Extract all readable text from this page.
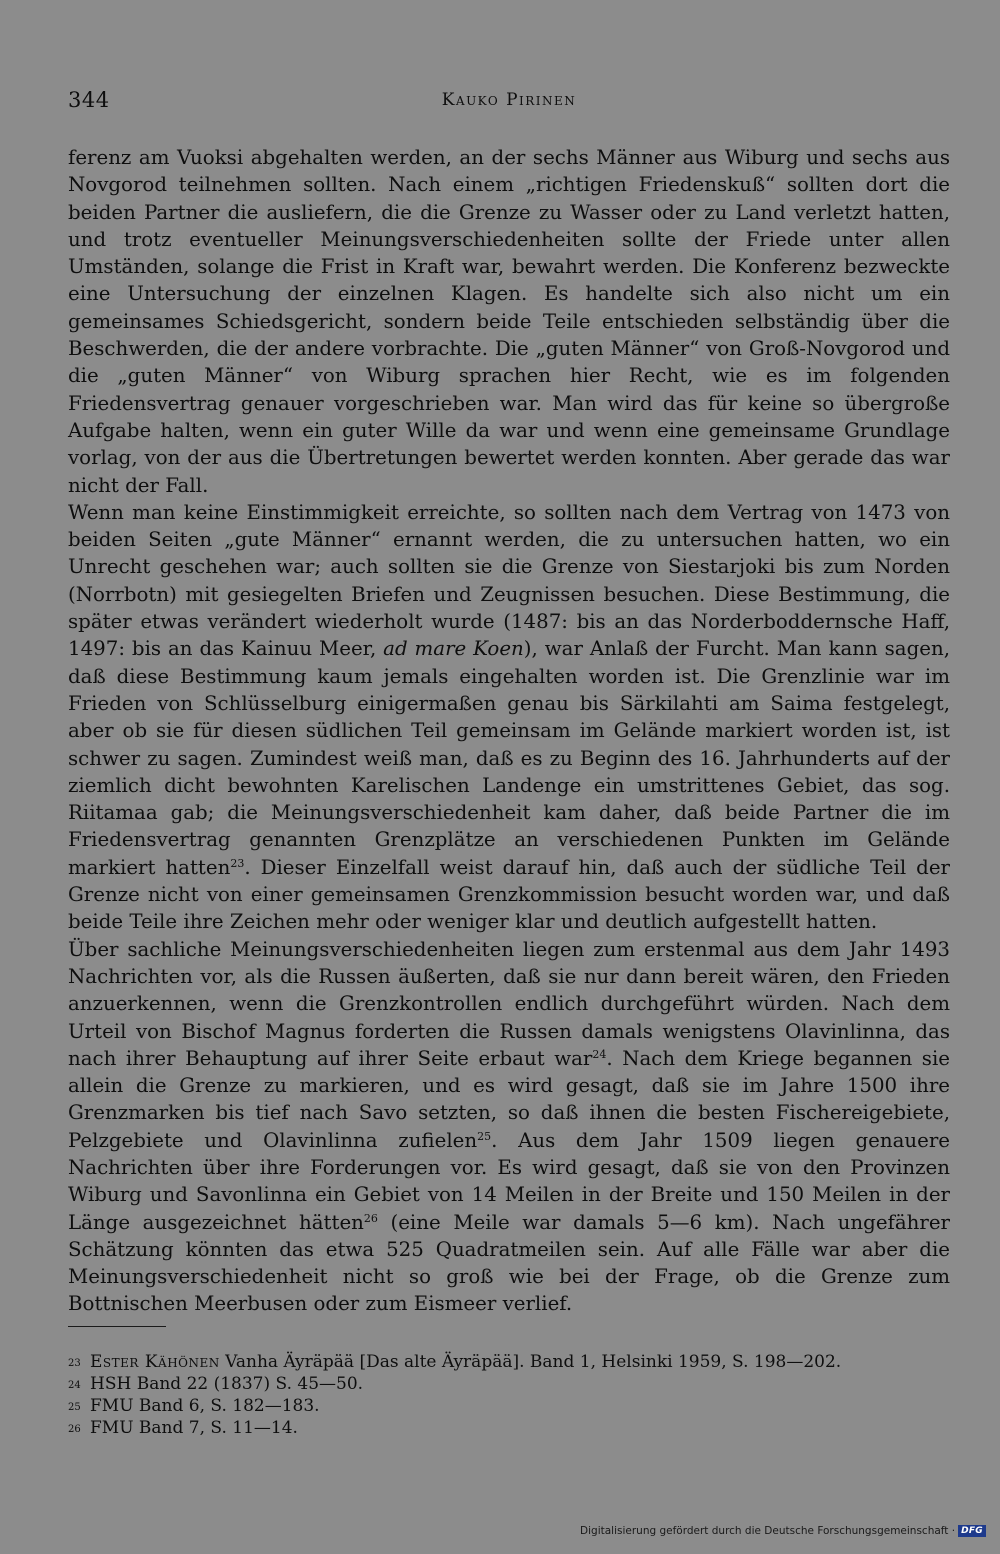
344	Kauko Pirinen

ferenz am Vuoksi abgehalten werden, an der sechs Männer aus Wiburg und sechs aus Novgorod teilnehmen sollten. Nach einem „richtigen Friedenskuß“ sollten dort die beiden Partner die ausliefern, die die Grenze zu Wasser oder zu Land verletzt hatten, und trotz eventueller Meinungsverschiedenheiten sollte der Friede unter allen Umständen, solange die Frist in Kraft war, bewahrt werden. Die Konferenz bezweckte eine Untersuchung der einzelnen Klagen. Es handelte sich also nicht um ein gemeinsames Schiedsgericht, sondern beide Teile entschieden selbständig über die Beschwerden, die der andere vorbrachte. Die „guten Männer“ von Groß-Novgorod und die „guten Männer“ von Wiburg sprachen hier Recht, wie es im folgenden Friedensvertrag genauer vorgeschrieben war. Man wird das für keine so übergroße Aufgabe halten, wenn ein guter Wille da war und wenn eine gemeinsame Grundlage vorlag, von der aus die Übertretungen bewertet werden konnten. Aber gerade das war nicht der Fall.

Wenn man keine Einstimmigkeit erreichte, so sollten nach dem Vertrag von 1473 von beiden Seiten „gute Männer“ ernannt werden, die zu untersuchen hatten, wo ein Unrecht geschehen war; auch sollten sie die Grenze von Siestarjoki bis zum Norden (Norrbotn) mit gesiegelten Briefen und Zeugnissen besuchen. Diese Bestimmung, die später etwas verändert wiederholt wurde (1487: bis an das Norderboddernsche Haff, 1497: bis an das Kainuu Meer, ad mare Koen), war Anlaß der Furcht. Man kann sagen, daß diese Bestimmung kaum jemals eingehalten worden ist. Die Grenzlinie war im Frieden von Schlüsselburg einigermaßen genau bis Särkilahti am Saima festgelegt, aber ob sie für diesen südlichen Teil gemeinsam im Gelände markiert worden ist, ist schwer zu sagen. Zumindest weiß man, daß es zu Beginn des 16. Jahrhunderts auf der ziemlich dicht bewohnten Karelischen Landenge ein umstrittenes Gebiet, das sog. Riitamaa gab; die Meinungsverschiedenheit kam daher, daß beide Partner die im Friedensvertrag genannten Grenzplätze an verschiedenen Punkten im Gelände markiert hatten$^{23}$. Dieser Einzelfall weist darauf hin, daß auch der südliche Teil der Grenze nicht von einer gemeinsamen Grenzkommission besucht worden war, und daß beide Teile ihre Zeichen mehr oder weniger klar und deutlich aufgestellt hatten.

Über sachliche Meinungsverschiedenheiten liegen zum erstenmal aus dem Jahr 1493 Nachrichten vor, als die Russen äußerten, daß sie nur dann bereit wären, den Frieden anzuerkennen, wenn die Grenzkontrollen endlich durchgeführt würden. Nach dem Urteil von Bischof Magnus forderten die Russen damals wenigstens Olavinlinna, das nach ihrer Behauptung auf ihrer Seite erbaut war$^{24}$. Nach dem Kriege begannen sie allein die Grenze zu markieren, und es wird gesagt, daß sie im Jahre 1500 ihre Grenzmarken bis tief nach Savo setzten, so daß ihnen die besten Fischereigebiete, Pelzgebiete und Olavinlinna zufielen$^{25}$. Aus dem Jahr 1509 liegen genauere Nachrichten über ihre Forderungen vor. Es wird gesagt, daß sie von den Provinzen Wiburg und Savonlinna ein Gebiet von 14 Meilen in der Breite und 150 Meilen in der Länge ausgezeichnet hätten$^{26}$ (eine Meile war damals 5—6 km). Nach ungefährer Schätzung könnten das etwa 525 Quadratmeilen sein. Auf alle Fälle war aber die Meinungsverschiedenheit nicht so groß wie bei der Frage, ob die Grenze zum Bottnischen Meerbusen oder zum Eismeer verlief.

23 Ester Kähönen Vanha Äyräpää [Das alte Äyräpää]. Band 1, Helsinki 1959, S. 198—202.
24 HSH Band 22 (1837) S. 45—50.
25 FMU Band 6, S. 182—183.
26 FMU Band 7, S. 11—14.
Digitalisierung gefördert durch die Deutsche Forschungsgemeinschaft · DFG
